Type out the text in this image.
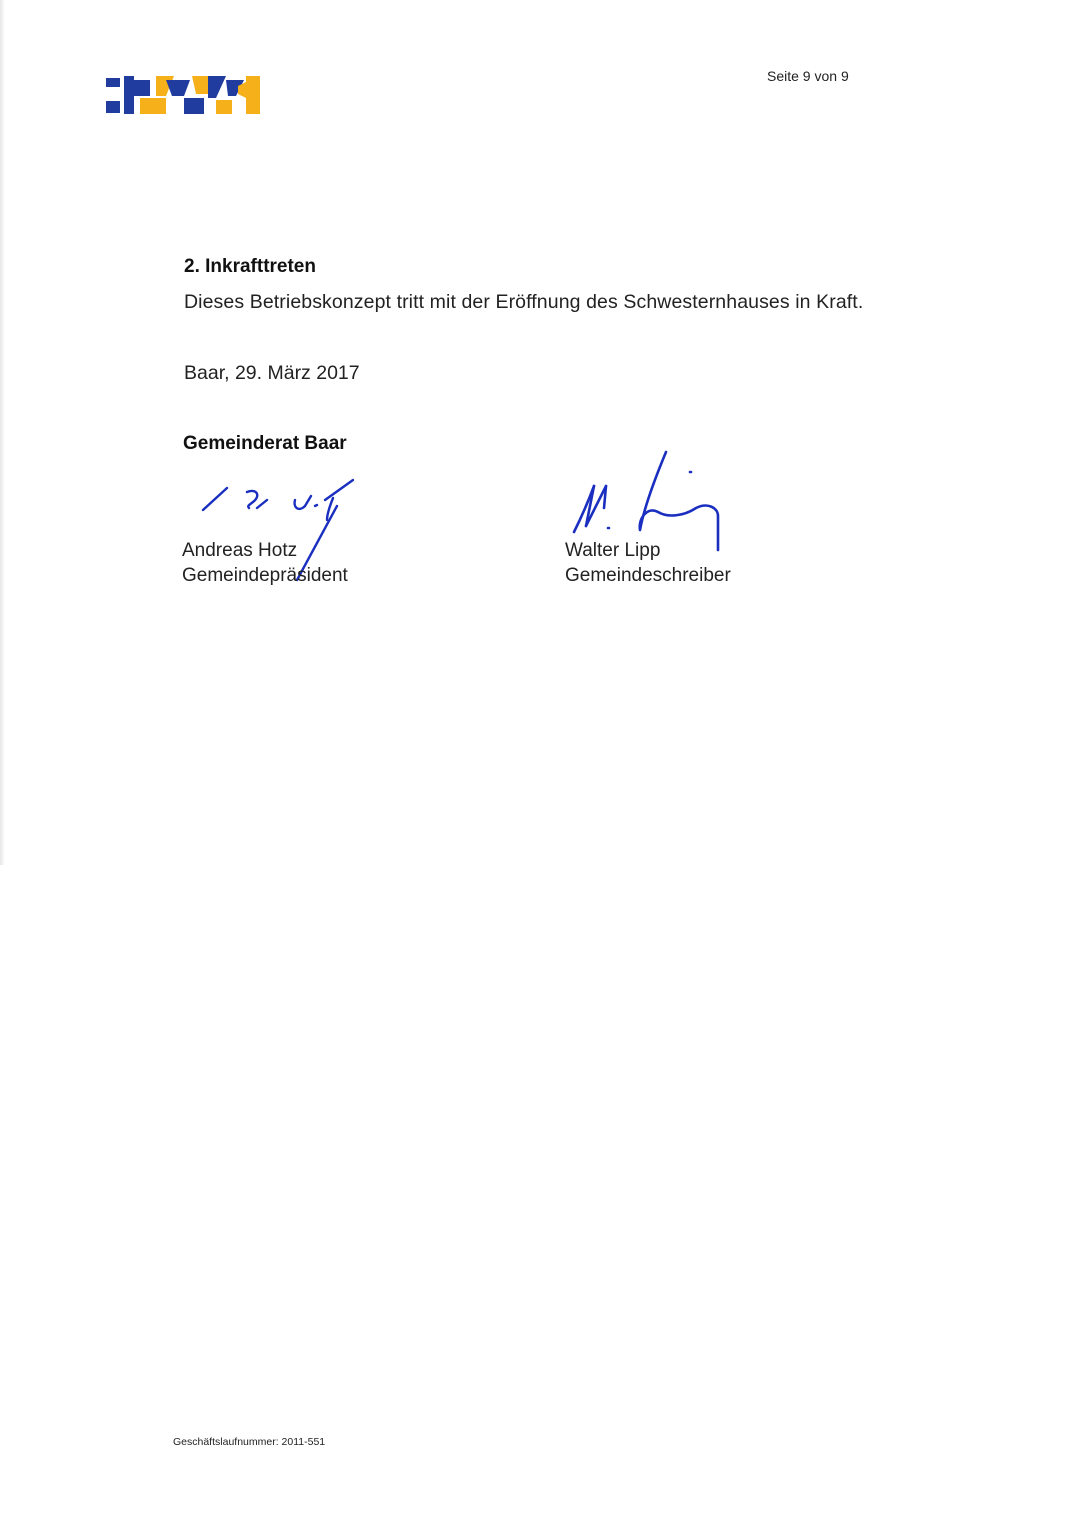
Seite 9 von 9
2. Inkrafttreten
Dieses Betriebskonzept tritt mit der Eröffnung des Schwesternhauses in Kraft.
Baar, 29. März 2017
Gemeinderat Baar
Andreas Hotz
Gemeindepräsident
Walter Lipp
Gemeindeschreiber
Geschäftslaufnummer: 2011-551
